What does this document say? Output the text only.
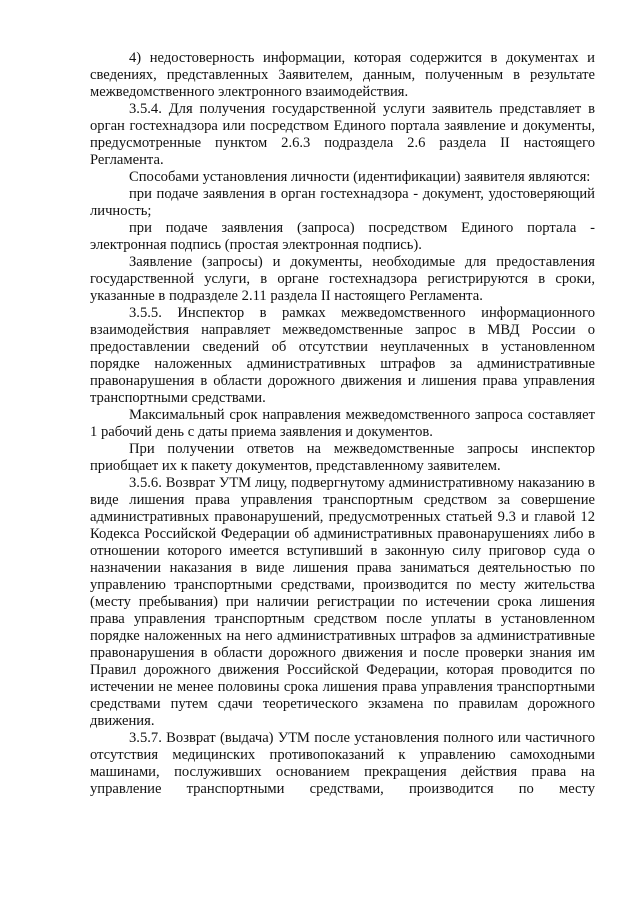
4) недостоверность информации, которая содержится в документах и сведениях, представленных Заявителем, данным, полученным в результате межведомственного электронного взаимодействия.

3.5.4. Для получения государственной услуги заявитель представляет в орган гостехнадзора или посредством Единого портала заявление и документы, предусмотренные пунктом 2.6.3 подраздела 2.6 раздела II настоящего Регламента.

Способами установления личности (идентификации) заявителя являются:

при подаче заявления в орган гостехнадзора - документ, удостоверяющий личность;

при подаче заявления (запроса) посредством Единого портала - электронная подпись (простая электронная подпись).

Заявление (запросы) и документы, необходимые для предоставления государственной услуги, в органе гостехнадзора регистрируются в сроки, указанные в подразделе 2.11 раздела II настоящего Регламента.

3.5.5. Инспектор в рамках межведомственного информационного взаимодействия направляет межведомственные запрос в МВД России о предоставлении сведений об отсутствии неуплаченных в установленном порядке наложенных административных штрафов за административные правонарушения в области дорожного движения и лишения права управления транспортными средствами.

Максимальный срок направления межведомственного запроса составляет 1 рабочий день с даты приема заявления и документов.

При получении ответов на межведомственные запросы инспектор приобщает их к пакету документов, представленному заявителем.

3.5.6. Возврат УТМ лицу, подвергнутому административному наказанию в виде лишения права управления транспортным средством за совершение административных правонарушений, предусмотренных статьей 9.3 и главой 12 Кодекса Российской Федерации об административных правонарушениях либо в отношении которого имеется вступивший в законную силу приговор суда о назначении наказания в виде лишения права заниматься деятельностью по управлению транспортными средствами, производится по месту жительства (месту пребывания) при наличии регистрации по истечении срока лишения права управления транспортным средством после уплаты в установленном порядке наложенных на него административных штрафов за административные правонарушения в области дорожного движения и после проверки знания им Правил дорожного движения Российской Федерации, которая проводится по истечении не менее половины срока лишения права управления транспортными средствами путем сдачи теоретического экзамена по правилам дорожного движения.

3.5.7. Возврат (выдача) УТМ после установления полного или частичного отсутствия медицинских противопоказаний к управлению самоходными машинами, послуживших основанием прекращения действия права на управление транспортными средствами, производится по месту
